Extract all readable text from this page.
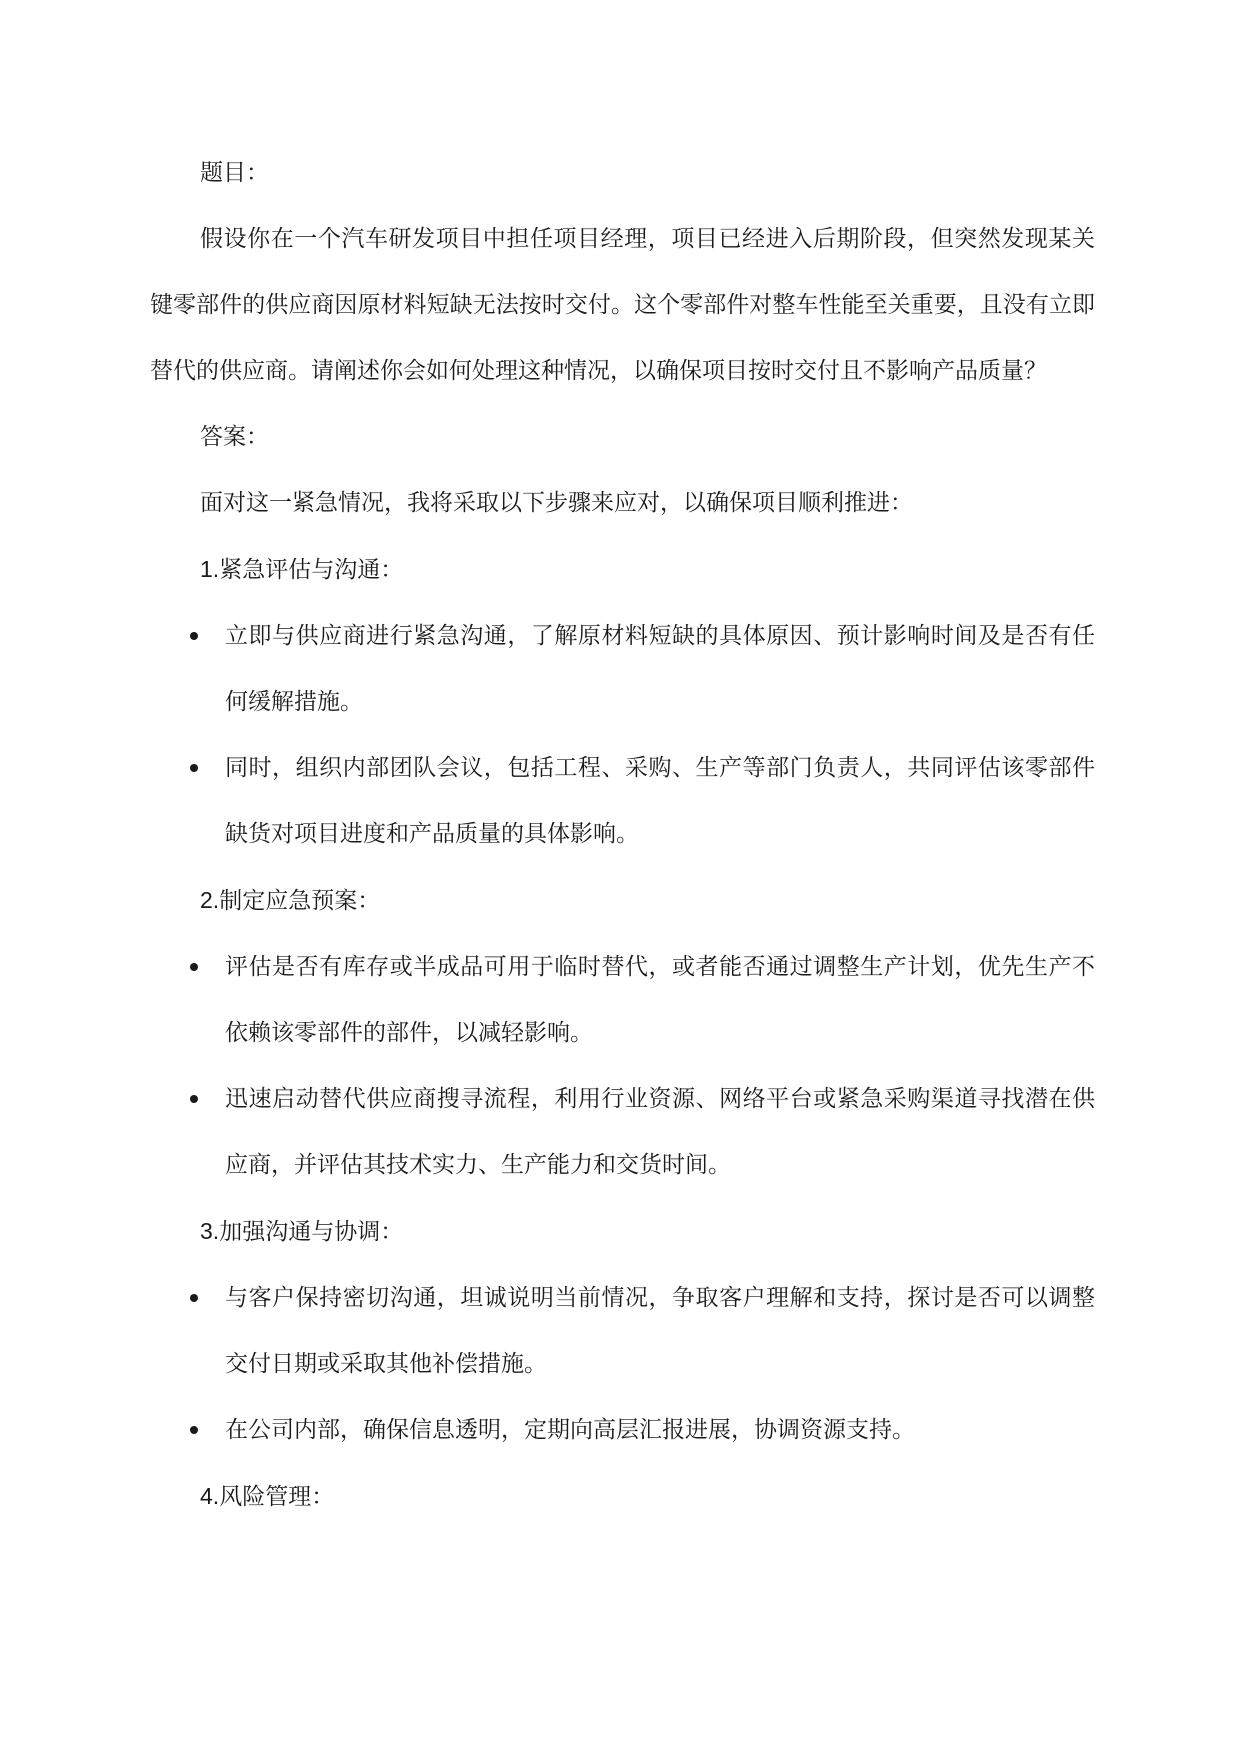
题目：

假设你在一个汽车研发项目中担任项目经理，项目已经进入后期阶段，但突然发现某关键零部件的供应商因原材料短缺无法按时交付。这个零部件对整车性能至关重要，且没有立即替代的供应商。请阐述你会如何处理这种情况，以确保项目按时交付且不影响产品质量？

答案：
面对这一紧急情况，我将采取以下步骤来应对，以确保项目顺利推进：
1.紧急评估与沟通：
立即与供应商进行紧急沟通，了解原材料短缺的具体原因、预计影响时间及是否有任何缓解措施。
同时，组织内部团队会议，包括工程、采购、生产等部门负责人，共同评估该零部件缺货对项目进度和产品质量的具体影响。
2.制定应急预案：
评估是否有库存或半成品可用于临时替代，或者能否通过调整生产计划，优先生产不依赖该零部件的部件，以减轻影响。
迅速启动替代供应商搜寻流程，利用行业资源、网络平台或紧急采购渠道寻找潜在供应商，并评估其技术实力、生产能力和交货时间。
3.加强沟通与协调：
与客户保持密切沟通，坦诚说明当前情况，争取客户理解和支持，探讨是否可以调整交付日期或采取其他补偿措施。
在公司内部，确保信息透明，定期向高层汇报进展，协调资源支持。
4.风险管理：
